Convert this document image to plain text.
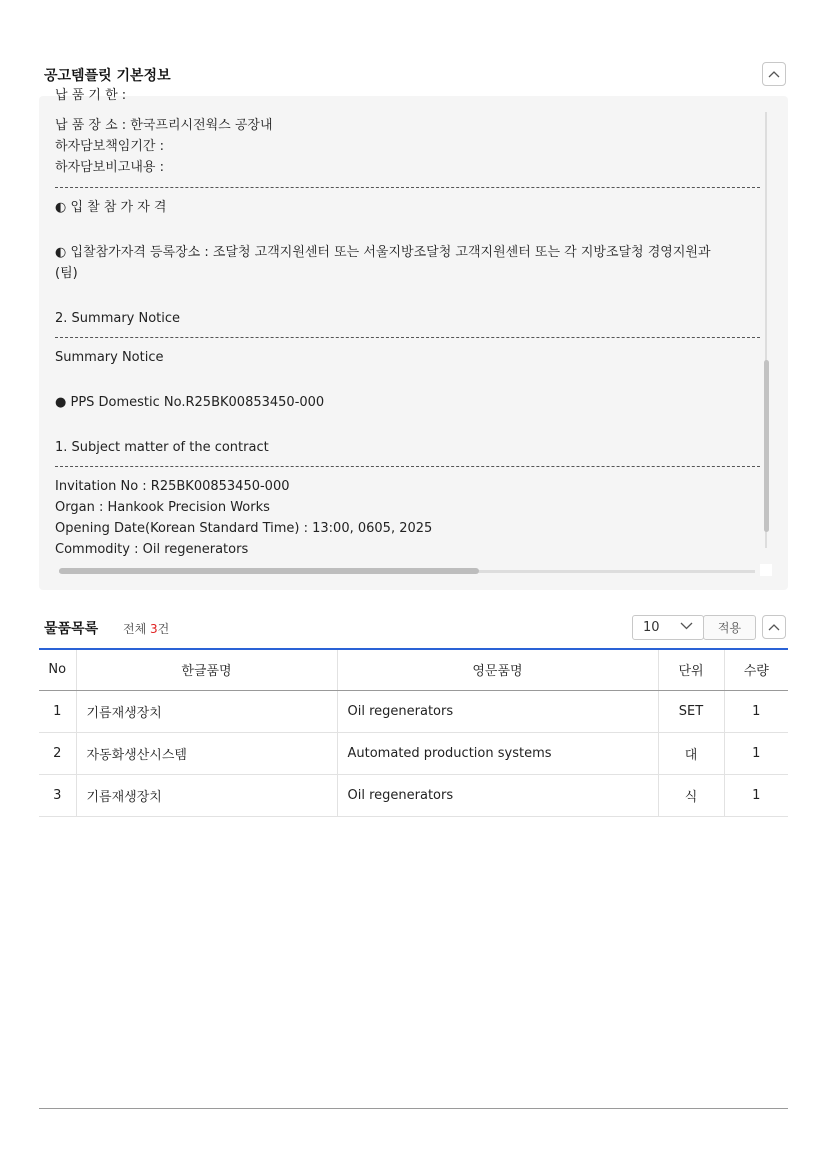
공고템플릿 기본정보
납 품 기 한 :
납 품 장 소 : 한국프리시전웍스 공장내
하자담보책임기간 :
하자담보비고내용 :
◐ 입 찰 참 가 자 격
◐ 입찰참가자격 등록장소 : 조달청 고객지원센터 또는 서울지방조달청 고객지원센터 또는 각 지방조달청 경영지원과
(팀)
2. Summary Notice
Summary Notice
● PPS Domestic No.R25BK00853450-000
1. Subject matter of the contract
Invitation No : R25BK00853450-000
Organ : Hankook Precision Works
Opening Date(Korean Standard Time) : 13:00, 0605, 2025
Commodity : Oil regenerators
물품목록 전체 3건	10	적용
No	한글품명	영문품명	단위	수량
1	기름재생장치	Oil regenerators	SET	1
2	자동화생산시스템	Automated production systems	대	1
3	기름재생장치	Oil regenerators	식	1
